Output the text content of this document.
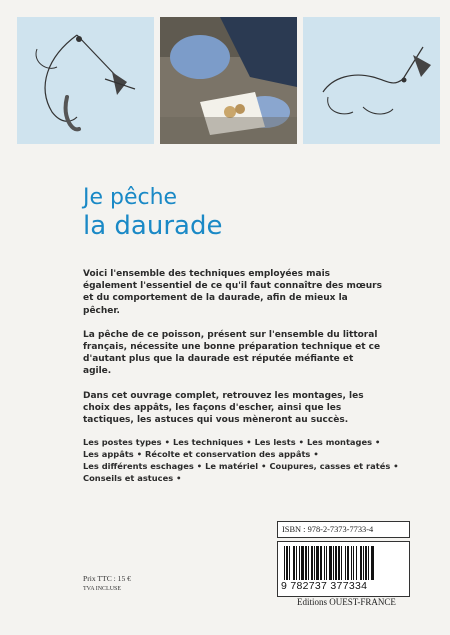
Je pêche
la daurade

Voici l'ensemble des techniques employées mais également l'essentiel de ce qu'il faut connaître des mœurs et du comportement de la daurade, afin de mieux la pêcher.

La pêche de ce poisson, présent sur l'ensemble du littoral français, nécessite une bonne préparation technique et ce d'autant plus que la daurade est réputée méfiante et agile.

Dans cet ouvrage complet, retrouvez les montages, les choix des appâts, les façons d'escher, ainsi que les tactiques, les astuces qui vous mèneront au succès.

Les postes types • Les techniques • Les lests • Les montages •
Les appâts • Récolte et conservation des appâts •
Les différents eschages • Le matériel • Coupures, casses et ratés •
Conseils et astuces •
Prix TTC : 15 €
TVA INCLUSE
ISBN : 978-2-7373-7733-4
9 782737 377334
Editions OUEST-FRANCE
